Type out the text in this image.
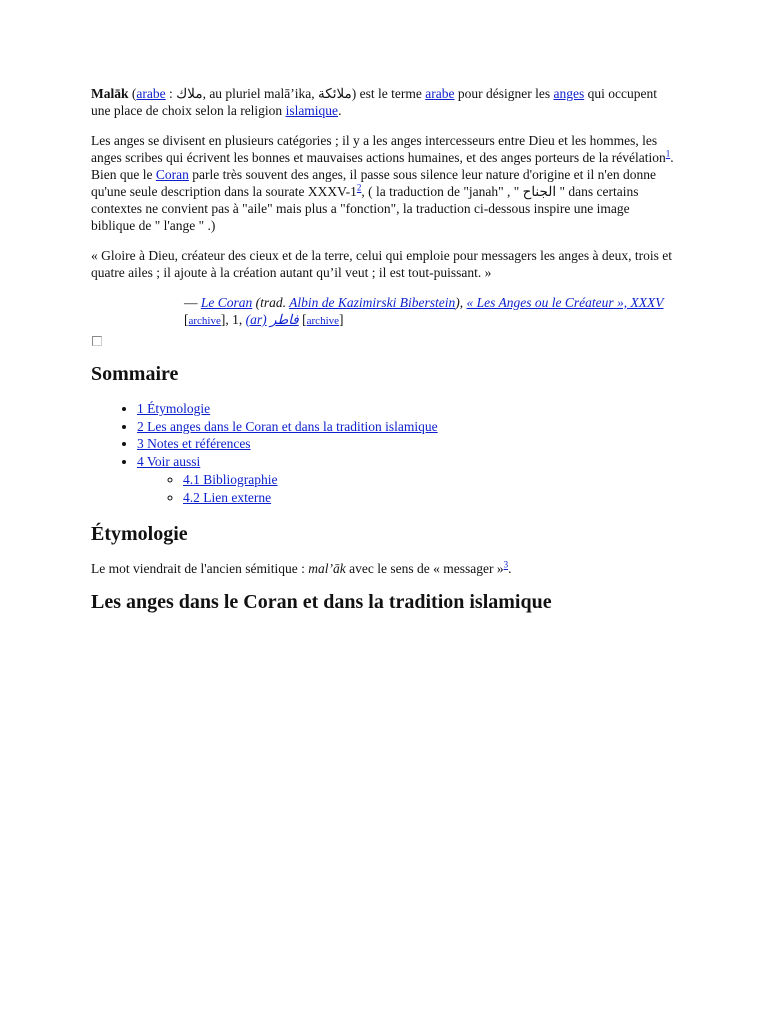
Malāk (arabe : ملاك, au pluriel malā’ika, ملائكة) est le terme arabe pour désigner les anges qui occupent une place de choix selon la religion islamique.

Les anges se divisent en plusieurs catégories ; il y a les anges intercesseurs entre Dieu et les hommes, les anges scribes qui écrivent les bonnes et mauvaises actions humaines, et des anges porteurs de la révélation$^1$. Bien que le Coran parle très souvent des anges, il passe sous silence leur nature d'origine et il n'en donne qu'une seule description dans la sourate XXXV-1$^2$, ( la traduction de "janah" , " الجناح " dans certains contextes ne convient pas à "aile" mais plus a "fonction", la traduction ci-dessous inspire une image biblique de " l'ange " .)

« Gloire à Dieu, créateur des cieux et de la terre, celui qui emploie pour messagers les anges à deux, trois et quatre ailes ; il ajoute à la création autant qu’il veut ; il est tout-puissant. »

— Le Coran (trad. Albin de Kazimirski Biberstein), « Les Anges ou le Créateur », XXXV [archive], 1, (ar) فاطر [archive]

Sommaire
• 1 Étymologie
• 2 Les anges dans le Coran et dans la tradition islamique
• 3 Notes et références
• 4 Voir aussi
◦ 4.1 Bibliographie
◦ 4.2 Lien externe
Étymologie

Le mot viendrait de l'ancien sémitique : mal’āk avec le sens de « messager »$^3$.

Les anges dans le Coran et dans la tradition islamique
